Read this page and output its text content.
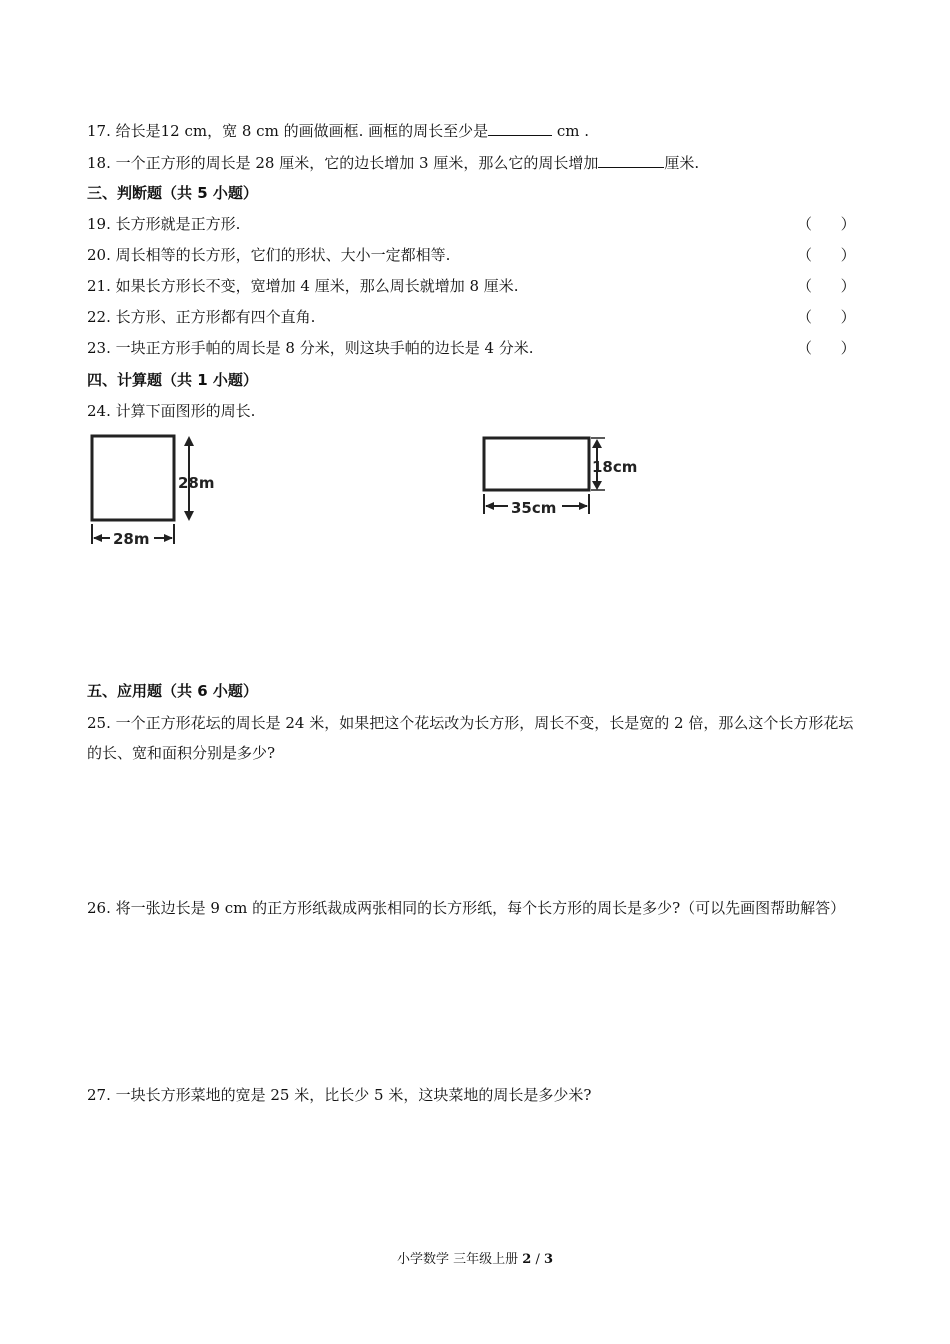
17. 给长是12 cm，宽 8 cm 的画做画框. 画框的周长至少是	cm .
18. 一个正方形的周长是 28 厘米，它的边长增加 3 厘米，那么它的周长增加	厘米.
三、判断题（共 5 小题）
19. 长方形就是正方形.	（      ）
20. 周长相等的长方形，它们的形状、大小一定都相等.	（      ）
21. 如果长方形长不变，宽增加 4 厘米，那么周长就增加 8 厘米.	（      ）
22. 长方形、正方形都有四个直角.	（      ）
23. 一块正方形手帕的周长是 8 分米，则这块手帕的边长是 4 分米.	（      ）
四、计算题（共 1 小题）
24. 计算下面图形的周长.
28m
28m
18cm
35cm
五、应用题（共 6 小题）
25. 一个正方形花坛的周长是 24 米，如果把这个花坛改为长方形，周长不变，长是宽的 2 倍，那么这个长方形花坛的长、宽和面积分别是多少?
26. 将一张边长是 9 cm 的正方形纸裁成两张相同的长方形纸，每个长方形的周长是多少?（可以先画图帮助解答）
27. 一块长方形菜地的宽是 25 米，比长少 5 米，这块菜地的周长是多少米?
小学数学 三年级上册 2 / 3
